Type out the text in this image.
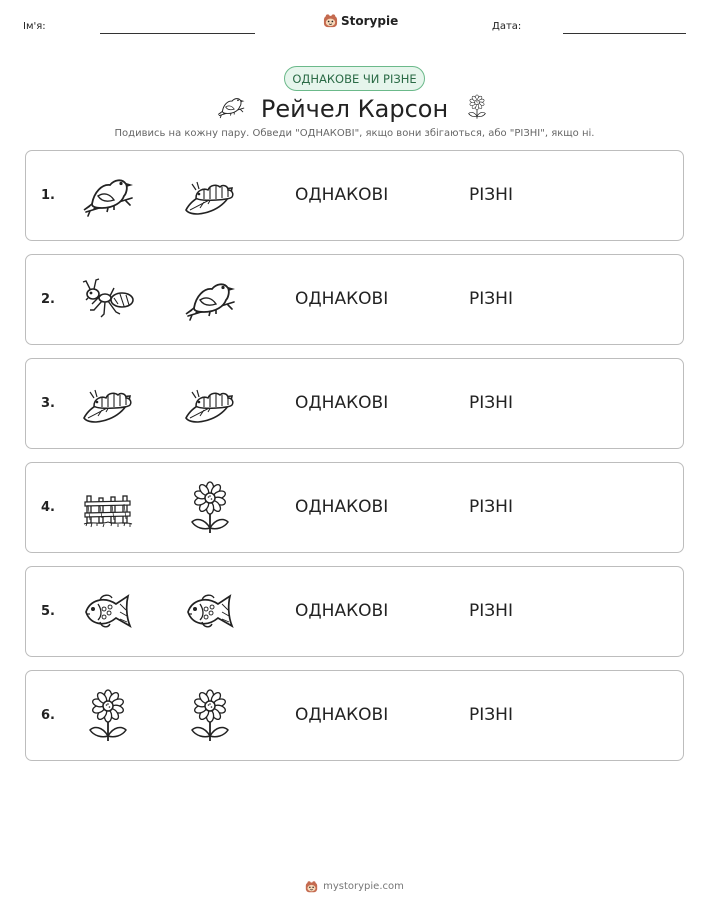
Ім'я:	Storypie	Дата:
ОДНАКОВЕ ЧИ РІЗНЕ
Рейчел Карсон
Подивись на кожну пару. Обведи "ОДНАКОВІ", якщо вони збігаються, або "РІЗНІ", якщо ні.
1.	ОДНАКОВІ	РІЗНІ
2.	ОДНАКОВІ	РІЗНІ
3.	ОДНАКОВІ	РІЗНІ
4.	ОДНАКОВІ	РІЗНІ
5.	ОДНАКОВІ	РІЗНІ
6.	ОДНАКОВІ	РІЗНІ
mystorypie.com
